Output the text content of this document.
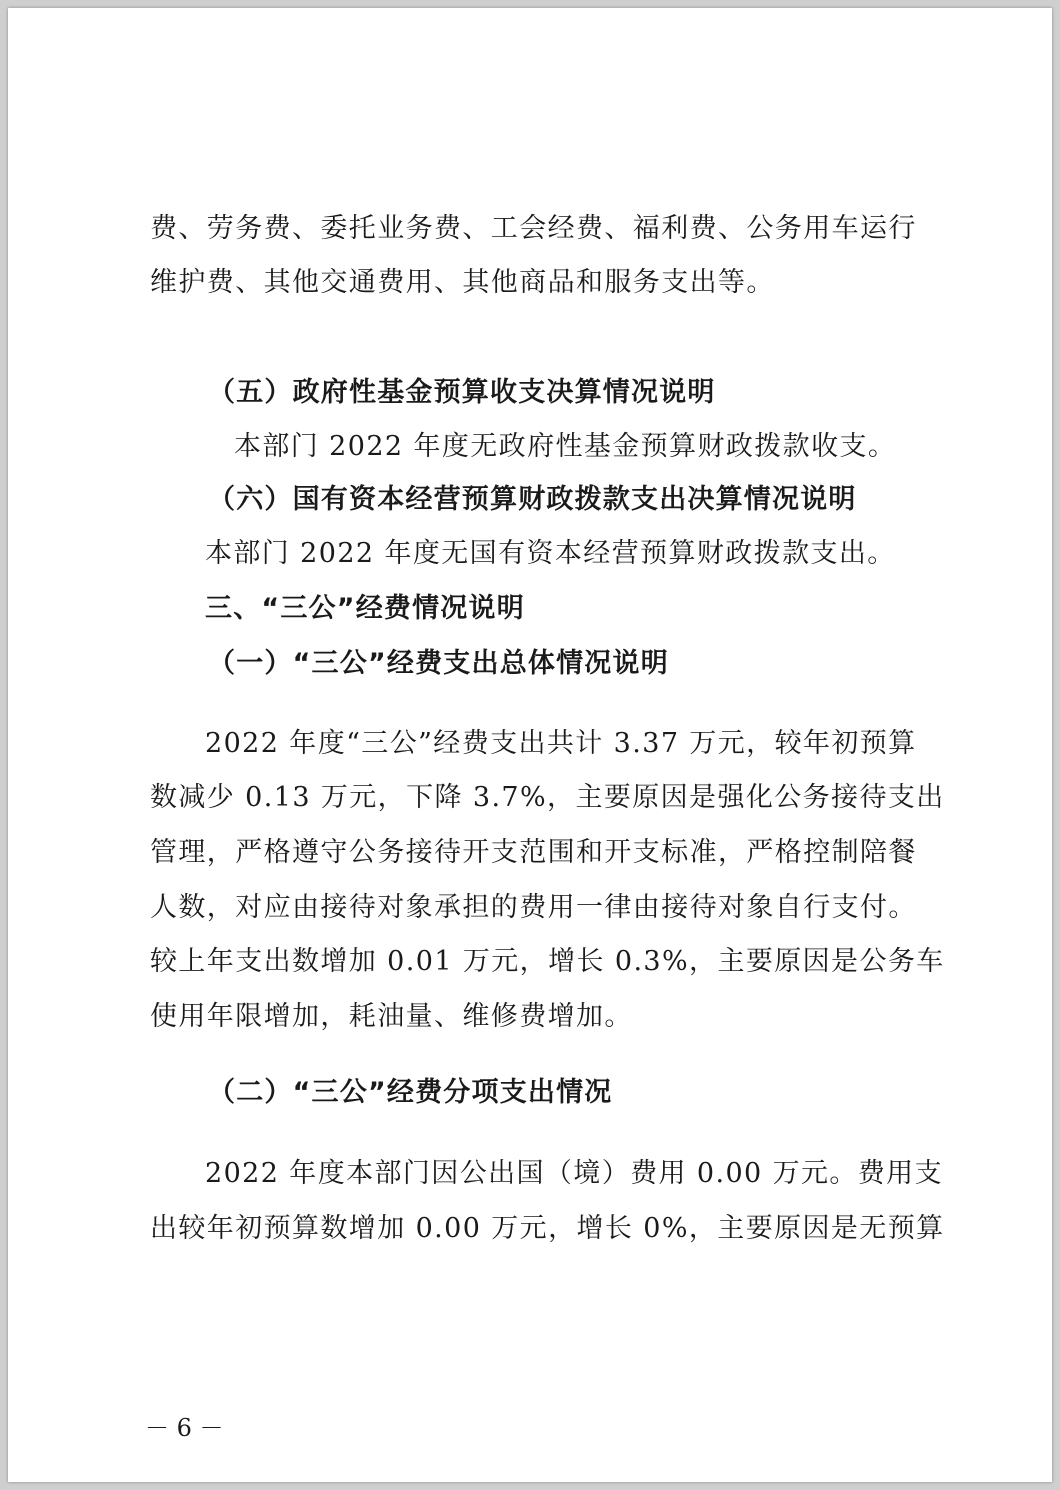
费、劳务费、委托业务费、工会经费、福利费、公务用车运行
维护费、其他交通费用、其他商品和服务支出等。
（五）政府性基金预算收支决算情况说明
本部门 2022 年度无政府性基金预算财政拨款收支。
（六）国有资本经营预算财政拨款支出决算情况说明
本部门 2022 年度无国有资本经营预算财政拨款支出。
三、“三公”经费情况说明
（一）“三公”经费支出总体情况说明
2022 年度“三公”经费支出共计 3.37 万元，较年初预算
数减少 0.13 万元，下降 3.7%，主要原因是强化公务接待支出
管理，严格遵守公务接待开支范围和开支标准，严格控制陪餐
人数，对应由接待对象承担的费用一律由接待对象自行支付。
较上年支出数增加 0.01 万元，增长 0.3%，主要原因是公务车
使用年限增加，耗油量、维修费增加。
（二）“三公”经费分项支出情况
2022 年度本部门因公出国（境）费用 0.00 万元。费用支
出较年初预算数增加 0.00 万元，增长 0%，主要原因是无预算
－ 6 －
